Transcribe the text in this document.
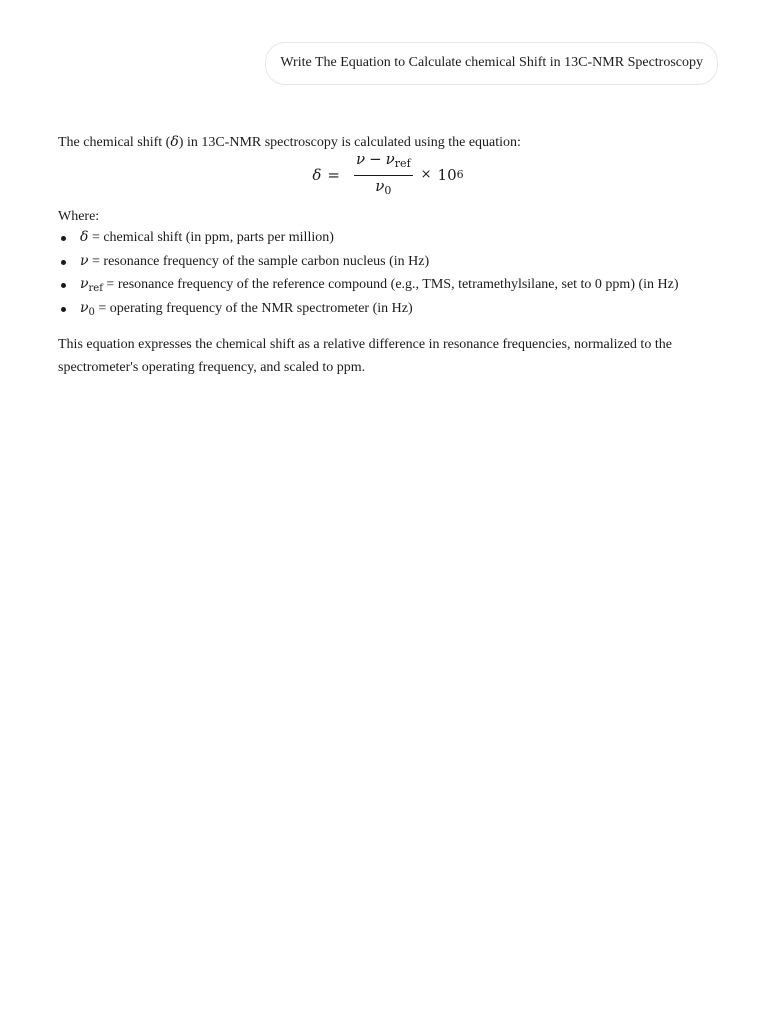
Write The Equation to Calculate chemical Shift in 13C-NMR Spectroscopy

The chemical shift (δ) in 13C-NMR spectroscopy is calculated using the equation:

$\delta = \frac{\nu - \nu_{ref}}{\nu_0} \times 10$ 6

Where:

δ = chemical shift (in ppm, parts per million)
ν = resonance frequency of the sample carbon nucleus (in Hz)
$\nu_{ref}$ = resonance frequency of the reference compound (e.g., TMS, tetramethylsilane, set to 0 ppm) (in Hz)
$\nu_0$ = operating frequency of the NMR spectrometer (in Hz)

This equation expresses the chemical shift as a relative difference in resonance frequencies, normalized to the spectrometer's operating frequency, and scaled to ppm.
